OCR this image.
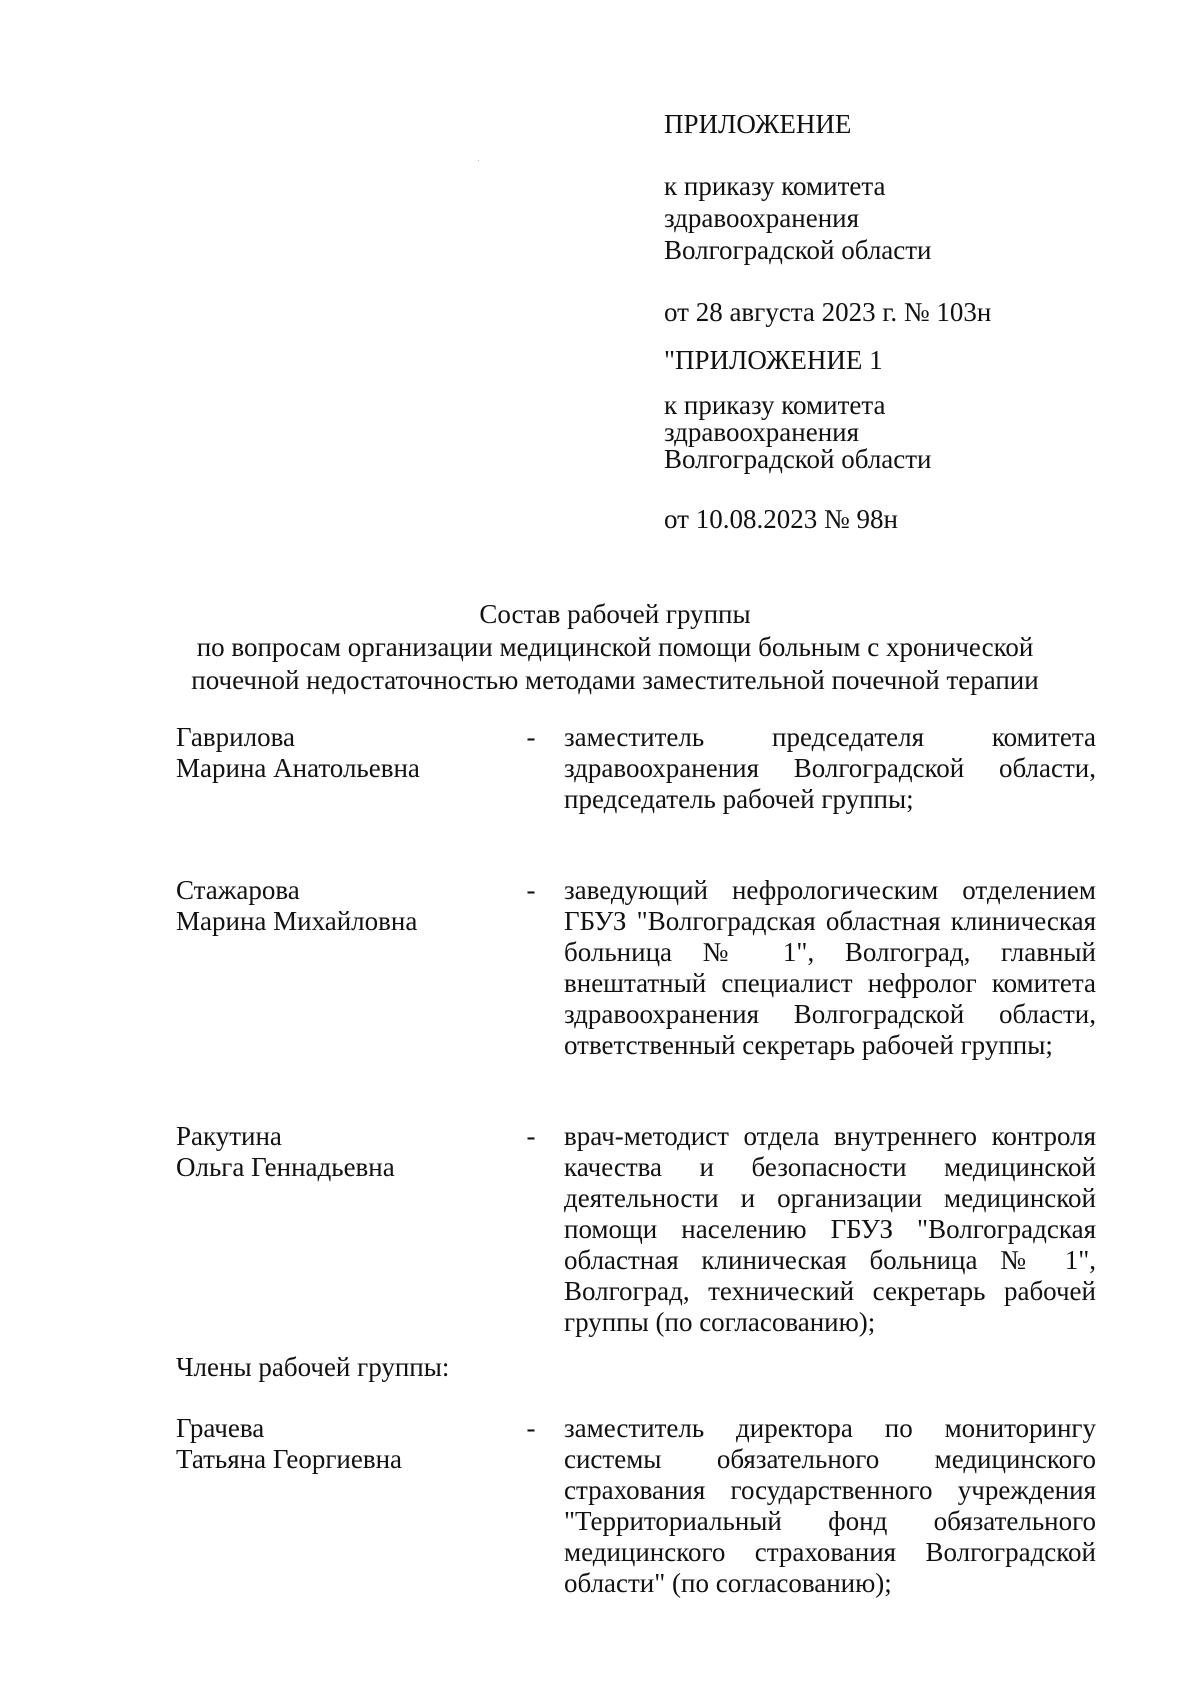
ПРИЛОЖЕНИЕ
к приказу комитета
здравоохранения
Волгоградской области
от 28 августа 2023 г. № 103н
"ПРИЛОЖЕНИЕ 1
к приказу комитета
здравоохранения
Волгоградской области
от 10.08.2023 № 98н
Состав рабочей группы
по вопросам организации медицинской помощи больным с хронической
почечной недостаточностью методами заместительной почечной терапии
Гаврилова
Марина Анатольевна
-	заместитель председателя комитета здравоохранения Волгоградской области, председатель рабочей группы;
Стажарова
Марина Михайловна
-	заведующий нефрологическим отделением ГБУЗ "Волгоградская областная клиническая больница № 1", Волгоград, главный внештатный специалист нефролог комитета здравоохранения Волгоградской области, ответственный секретарь рабочей группы;
Ракутина
Ольга Геннадьевна
-	врач-методист отдела внутреннего контроля качества и безопасности медицинской деятельности и организации медицинской помощи населению ГБУЗ "Волгоградская областная клиническая больница № 1", Волгоград, технический секретарь рабочей группы (по согласованию);
Члены рабочей группы:
Грачева
Татьяна Георгиевна
-	заместитель директора по мониторингу системы обязательного медицинского страхования государственного учреждения "Территориальный фонд обязательного медицинского страхования Волгоградской области" (по согласованию);
